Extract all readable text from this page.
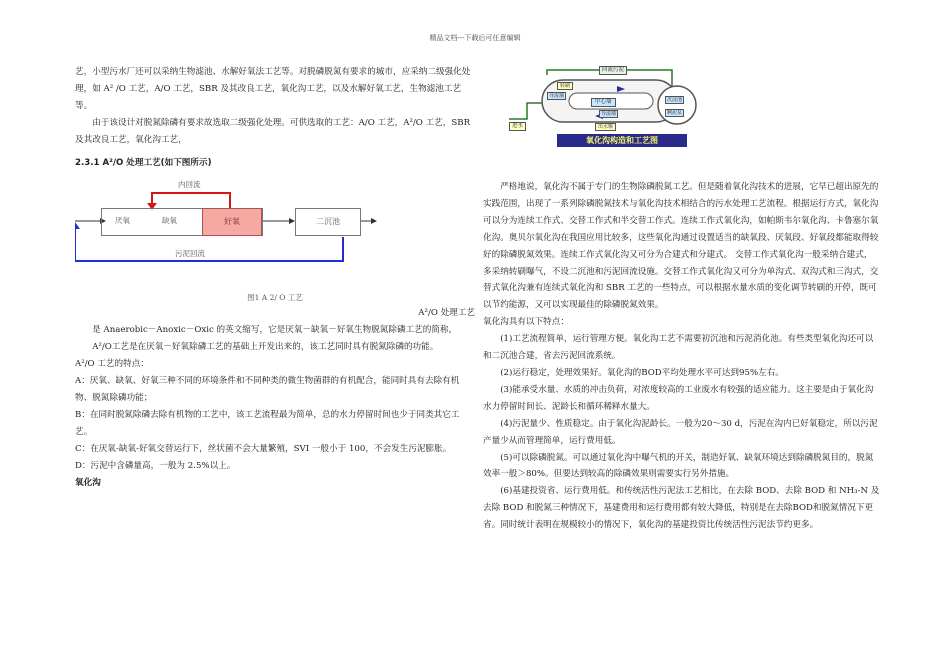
精品文档---下载后可任意编辑

艺，小型污水厂还可以采纳生物滤池、水解好氧法工艺等。对脱磷脱氮有要求的城市，应采纳二级强化处理，如 A² /O 工艺，A/O 工艺，SBR 及其改良工艺，氧化沟工艺，以及水解好氧工艺，生物滤池工艺等。

由于该设计对脱氮除磷有要求故选取二级强化处理。可供选取的工艺：A/O 工艺，A²/O 工艺，SBR 及其改良工艺，氧化沟工艺，

2.3.1 A²/O 处理工艺(如下图所示)

厌氧	缺氧	好氧	二沉池
内回流
污泥回流

图1 A 2/ O 工艺

A²/O 处理工艺

是 Anaerobic－Anoxic－Oxic 的英文缩写，它是厌氧－缺氧－好氧生物脱氮除磷工艺的简称，

A²/O工艺是在厌氧－好氧除磷工艺的基础上开发出来的，该工艺同时具有脱氮除磷的功能。

A²/O 工艺的特点：

A：厌氧、缺氧、好氧三种不同的环境条件和不同种类的微生物菌群的有机配合，能同时具有去除有机物、脱氮除磷功能；

B：在同时脱氮除磷去除有机物的工艺中，该工艺流程最为简单，总的水力停留时间也少于同类其它工艺。

C：在厌氧-缺氧-好氧交替运行下，丝状菌不会大量繁殖，SVI 一般小于 100，不会发生污泥膨胀。

D：污泥中含磷量高，一般为 2.5%以上。

氧化沟

回流污泥
转刷
导流墙
中心墙
导流墙
出水堰
进水
沉淀池
剩泥泵
氧化沟构造和工艺图

严格地说，氧化沟不属于专门的生物除磷脱氮工艺。但是随着氧化沟技术的进展，它早已超出原先的实践范围，出现了一系列除磷脱氮技术与氧化沟技术相结合的污水处理工艺流程。根据运行方式，氧化沟可以分为连续工作式、交替工作式和半交替工作式。连续工作式氧化沟，如帕斯韦尔氧化沟、卡鲁塞尔氧化沟。奥贝尔氧化沟在我国应用比较多，这些氧化沟通过设置适当的缺氧段、厌氧段、好氧段都能取得较好的除磷脱氮效果。连续工作式氧化沟又可分为合建式和分建式。 交替工作式氧化沟一般采纳合建式，多采纳转刷曝气，不设二沉池和污泥回流设施。交替工作式氧化沟又可分为单沟式、双沟式和三沟式，交替式氧化沟兼有连续式氧化沟和 SBR 工艺的一些特点，可以根据水量水质的变化调节转刷的开停，既可以节约能源，又可以实现最佳的除磷脱氮效果。

氧化沟具有以下特点：

(1)工艺流程简单，运行管理方便。氧化沟工艺不需要初沉池和污泥消化池。有些类型氧化沟还可以和二沉池合建，省去污泥回流系统。

(2)运行稳定，处理效果好。氧化沟的BOD平均处理水平可达到95%左右。

(3)能承受水量、水质的冲击负荷，对浓度较高的工业废水有较强的适应能力。这主要是由于氧化沟水力停留时间长、泥龄长和循环稀释水量大。

(4)污泥量少、性质稳定。由于氧化沟泥龄长。一般为20～30 d，污泥在沟内已好氧稳定，所以污泥产量少从而管理简单，运行费用低。

(5)可以除磷脱氮。可以通过氧化沟中曝气机的开关，制造好氧、缺氧环境达到除磷脱氮目的，脱氮效率一般＞80%。但要达到较高的除磷效果则需要实行另外措施。

(6)基建投资省、运行费用低。和传统活性污泥法工艺相比，在去除 BOD、去除 BOD 和 NH₃-N 及去除 BOD 和脱氮三种情况下，基建费用和运行费用都有较大降低，特别是在去除BOD和脱氮情况下更省。同时统计表明在规模较小的情况下，氧化沟的基建投资比传统活性污泥法节约更多。
